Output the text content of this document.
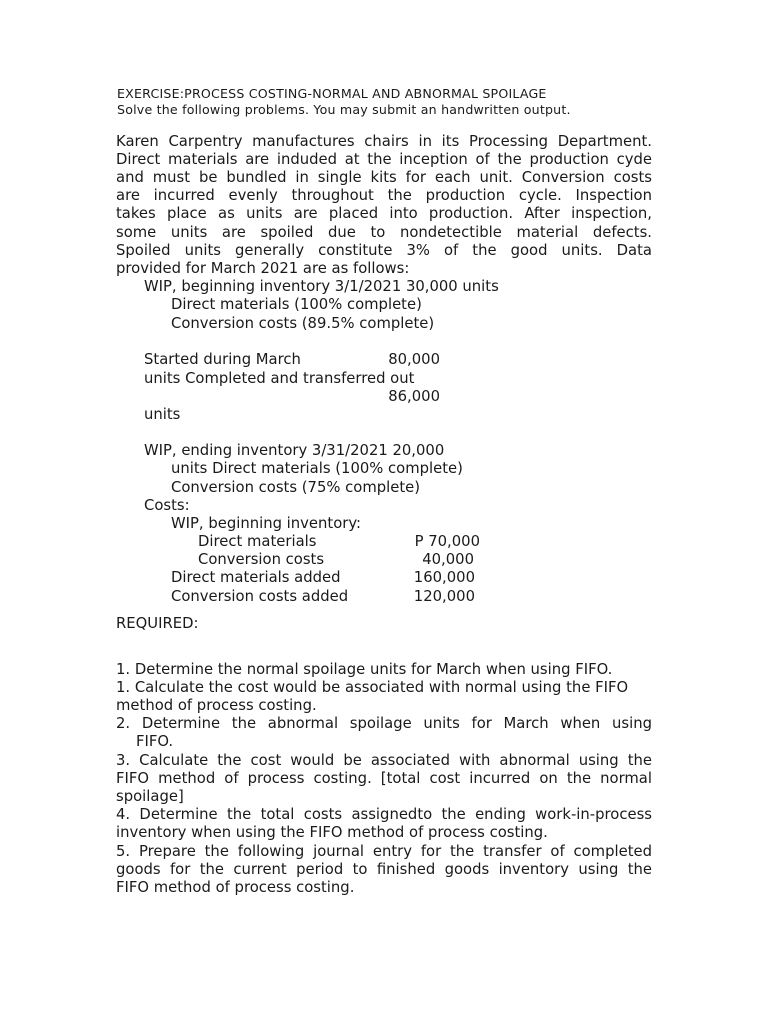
EXERCISE:PROCESS COSTING-NORMAL AND ABNORMAL SPOILAGE
Solve the following problems. You may submit an handwritten output.
Karen Carpentry manufactures chairs in its Processing Department.
Direct materials are induded at the inception of the production cyde
and must be bundled in single kits for each unit. Conversion costs
are incurred evenly throughout the production cycle. Inspection
takes place as units are placed into production. After inspection,
some units are spoiled due to nondetectible material defects.
Spoiled units generally constitute 3% of the good units. Data
provided for March 2021 are as follows:
WIP, beginning inventory 3/1/2021 30,000 units
Direct materials (100% complete)
Conversion costs (89.5% complete)
Started during March	80,000
units Completed and transferred out
86,000
units
WIP, ending inventory 3/31/2021 20,000
units Direct materials (100% complete)
Conversion costs (75% complete)
Costs:
WIP, beginning inventory:
Direct materials	P 70,000
Conversion costs	40,000
Direct materials added	160,000
Conversion costs added	120,000
REQUIRED:
1. Determine the normal spoilage units for March when using FIFO.
1. Calculate the cost would be associated with normal using the FIFO
method of process costing.
2. Determine the abnormal spoilage units for March when using
FIFO.
3. Calculate the cost would be associated with abnormal using the
FIFO method of process costing. [total cost incurred on the normal
spoilage]
4. Determine the total costs assignedto the ending work-in-process
inventory when using the FIFO method of process costing.
5. Prepare the following journal entry for the transfer of completed
goods for the current period to finished goods inventory using the
FIFO method of process costing.
